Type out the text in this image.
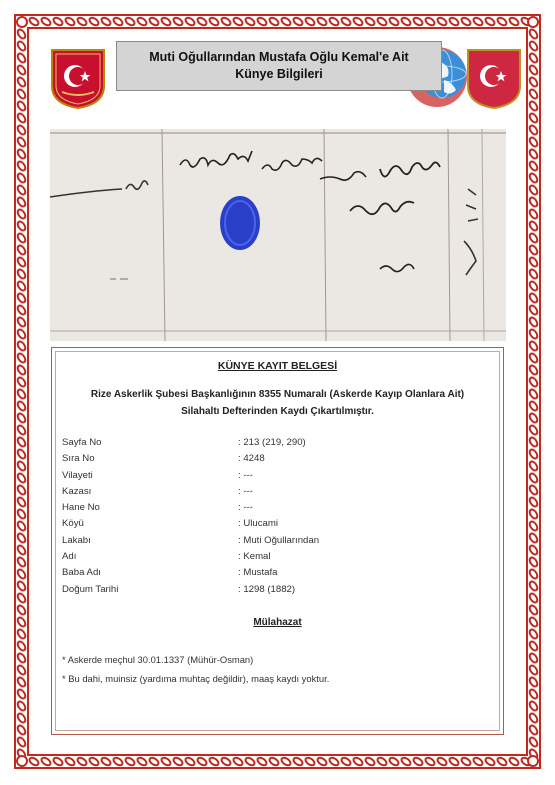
Muti Oğullarından Mustafa Oğlu Kemal'e Ait
Künye Bilgileri
KÜNYE KAYIT BELGESİ
Rize Askerlik Şubesi Başkanlığının 8355 Numaralı (Askerde Kayıp Olanlara Ait)
Silahaltı Defterinden Kaydı Çıkartılmıştır.
Sayfa No	: 213 (219, 290)
Sıra No	: 4248
Vilayeti	: ---
Kazası	: ---
Hane No	: ---
Köyü	: Ulucami
Lakabı	: Muti Oğullarından
Adı	: Kemal
Baba Adı	: Mustafa
Doğum Tarihi	: 1298 (1882)
Mülahazat
* Askerde meçhul 30.01.1337 (Mühür-Osman)
* Bu dahi, muinsiz (yardıma muhtaç değildir), maaş kaydı yoktur.
